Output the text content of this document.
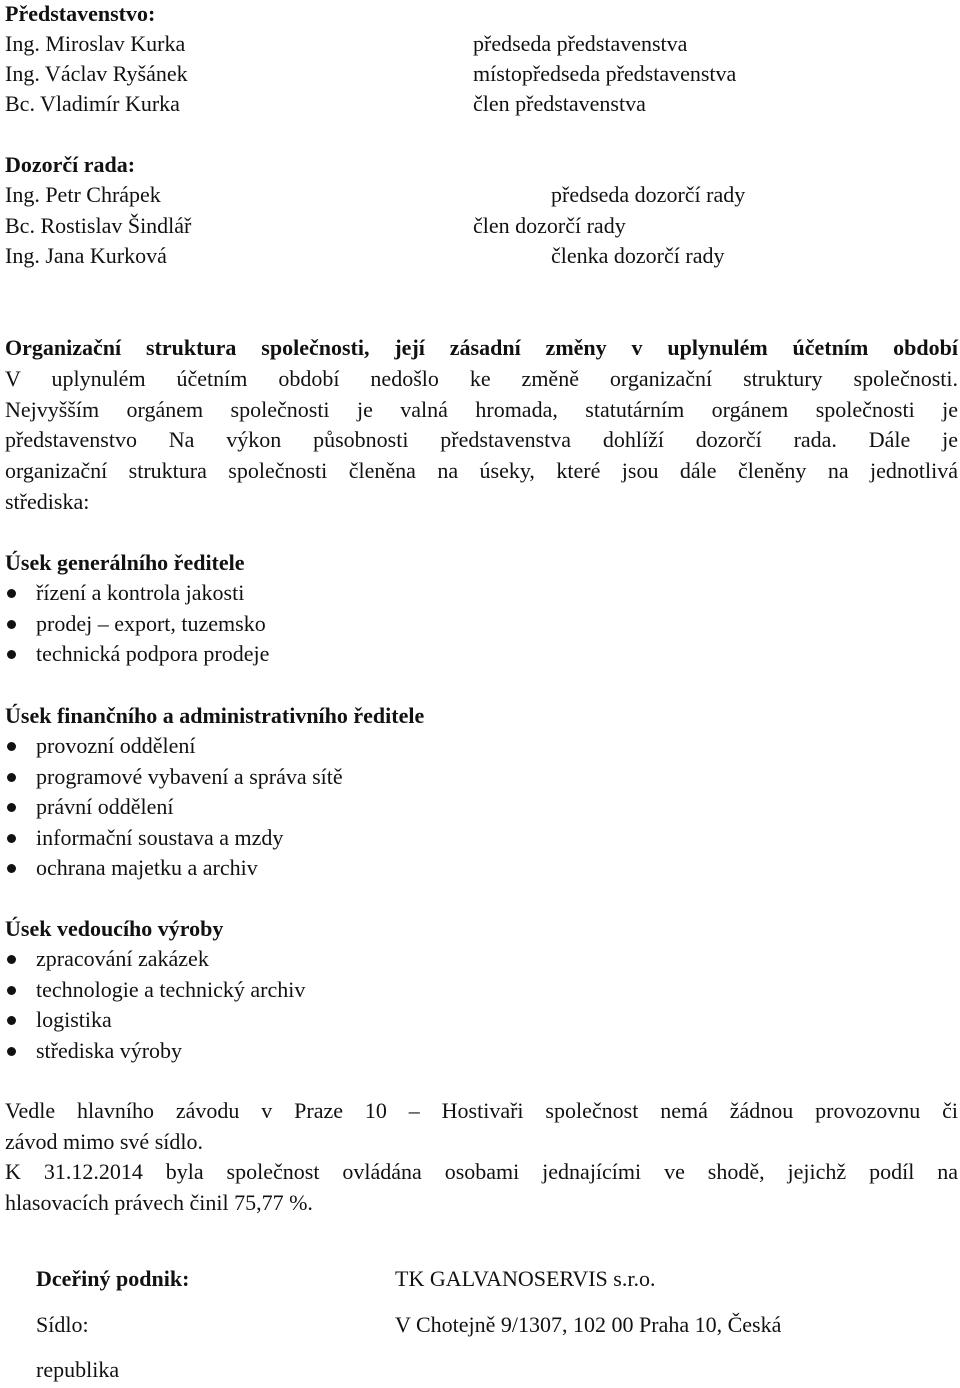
Představenstvo:
Ing. Miroslav Kurka	předseda představenstva
Ing. Václav Ryšánek	místopředseda představenstva
Bc. Vladimír Kurka	člen představenstva
Dozorčí rada:
Ing. Petr Chrápek	předseda dozorčí rady
Bc. Rostislav Šindlář	člen dozorčí rady
Ing. Jana Kurková	členka dozorčí rady
Organizační struktura společnosti, její zásadní změny v uplynulém účetním období
V uplynulém účetním období nedošlo ke změně organizační struktury společnosti.
Nejvyšším orgánem společnosti je valná hromada, statutárním orgánem společnosti je
představenstvo Na výkon působnosti představenstva dohlíží dozorčí rada. Dále je
organizační struktura společnosti členěna na úseky, které jsou dále členěny na jednotlivá
střediska:
Úsek generálního ředitele
řízení a kontrola jakosti
prodej – export, tuzemsko
technická podpora prodeje
Úsek finančního a administrativního ředitele
provozní oddělení
programové vybavení a správa sítě
právní oddělení
informační soustava a mzdy
ochrana majetku a archiv
Úsek vedoucího výroby
zpracování zakázek
technologie a technický archiv
logistika
střediska výroby
Vedle hlavního závodu v Praze 10 – Hostivaři společnost nemá žádnou provozovnu či
závod mimo své sídlo.
K 31.12.2014 byla společnost ovládána osobami jednajícími ve shodě, jejichž podíl na
hlasovacích právech činil 75,77 %.
Dceřiný podnik:	TK GALVANOSERVIS s.r.o.
Sídlo:	V Chotejně 9/1307, 102 00 Praha 10, Česká
republika
